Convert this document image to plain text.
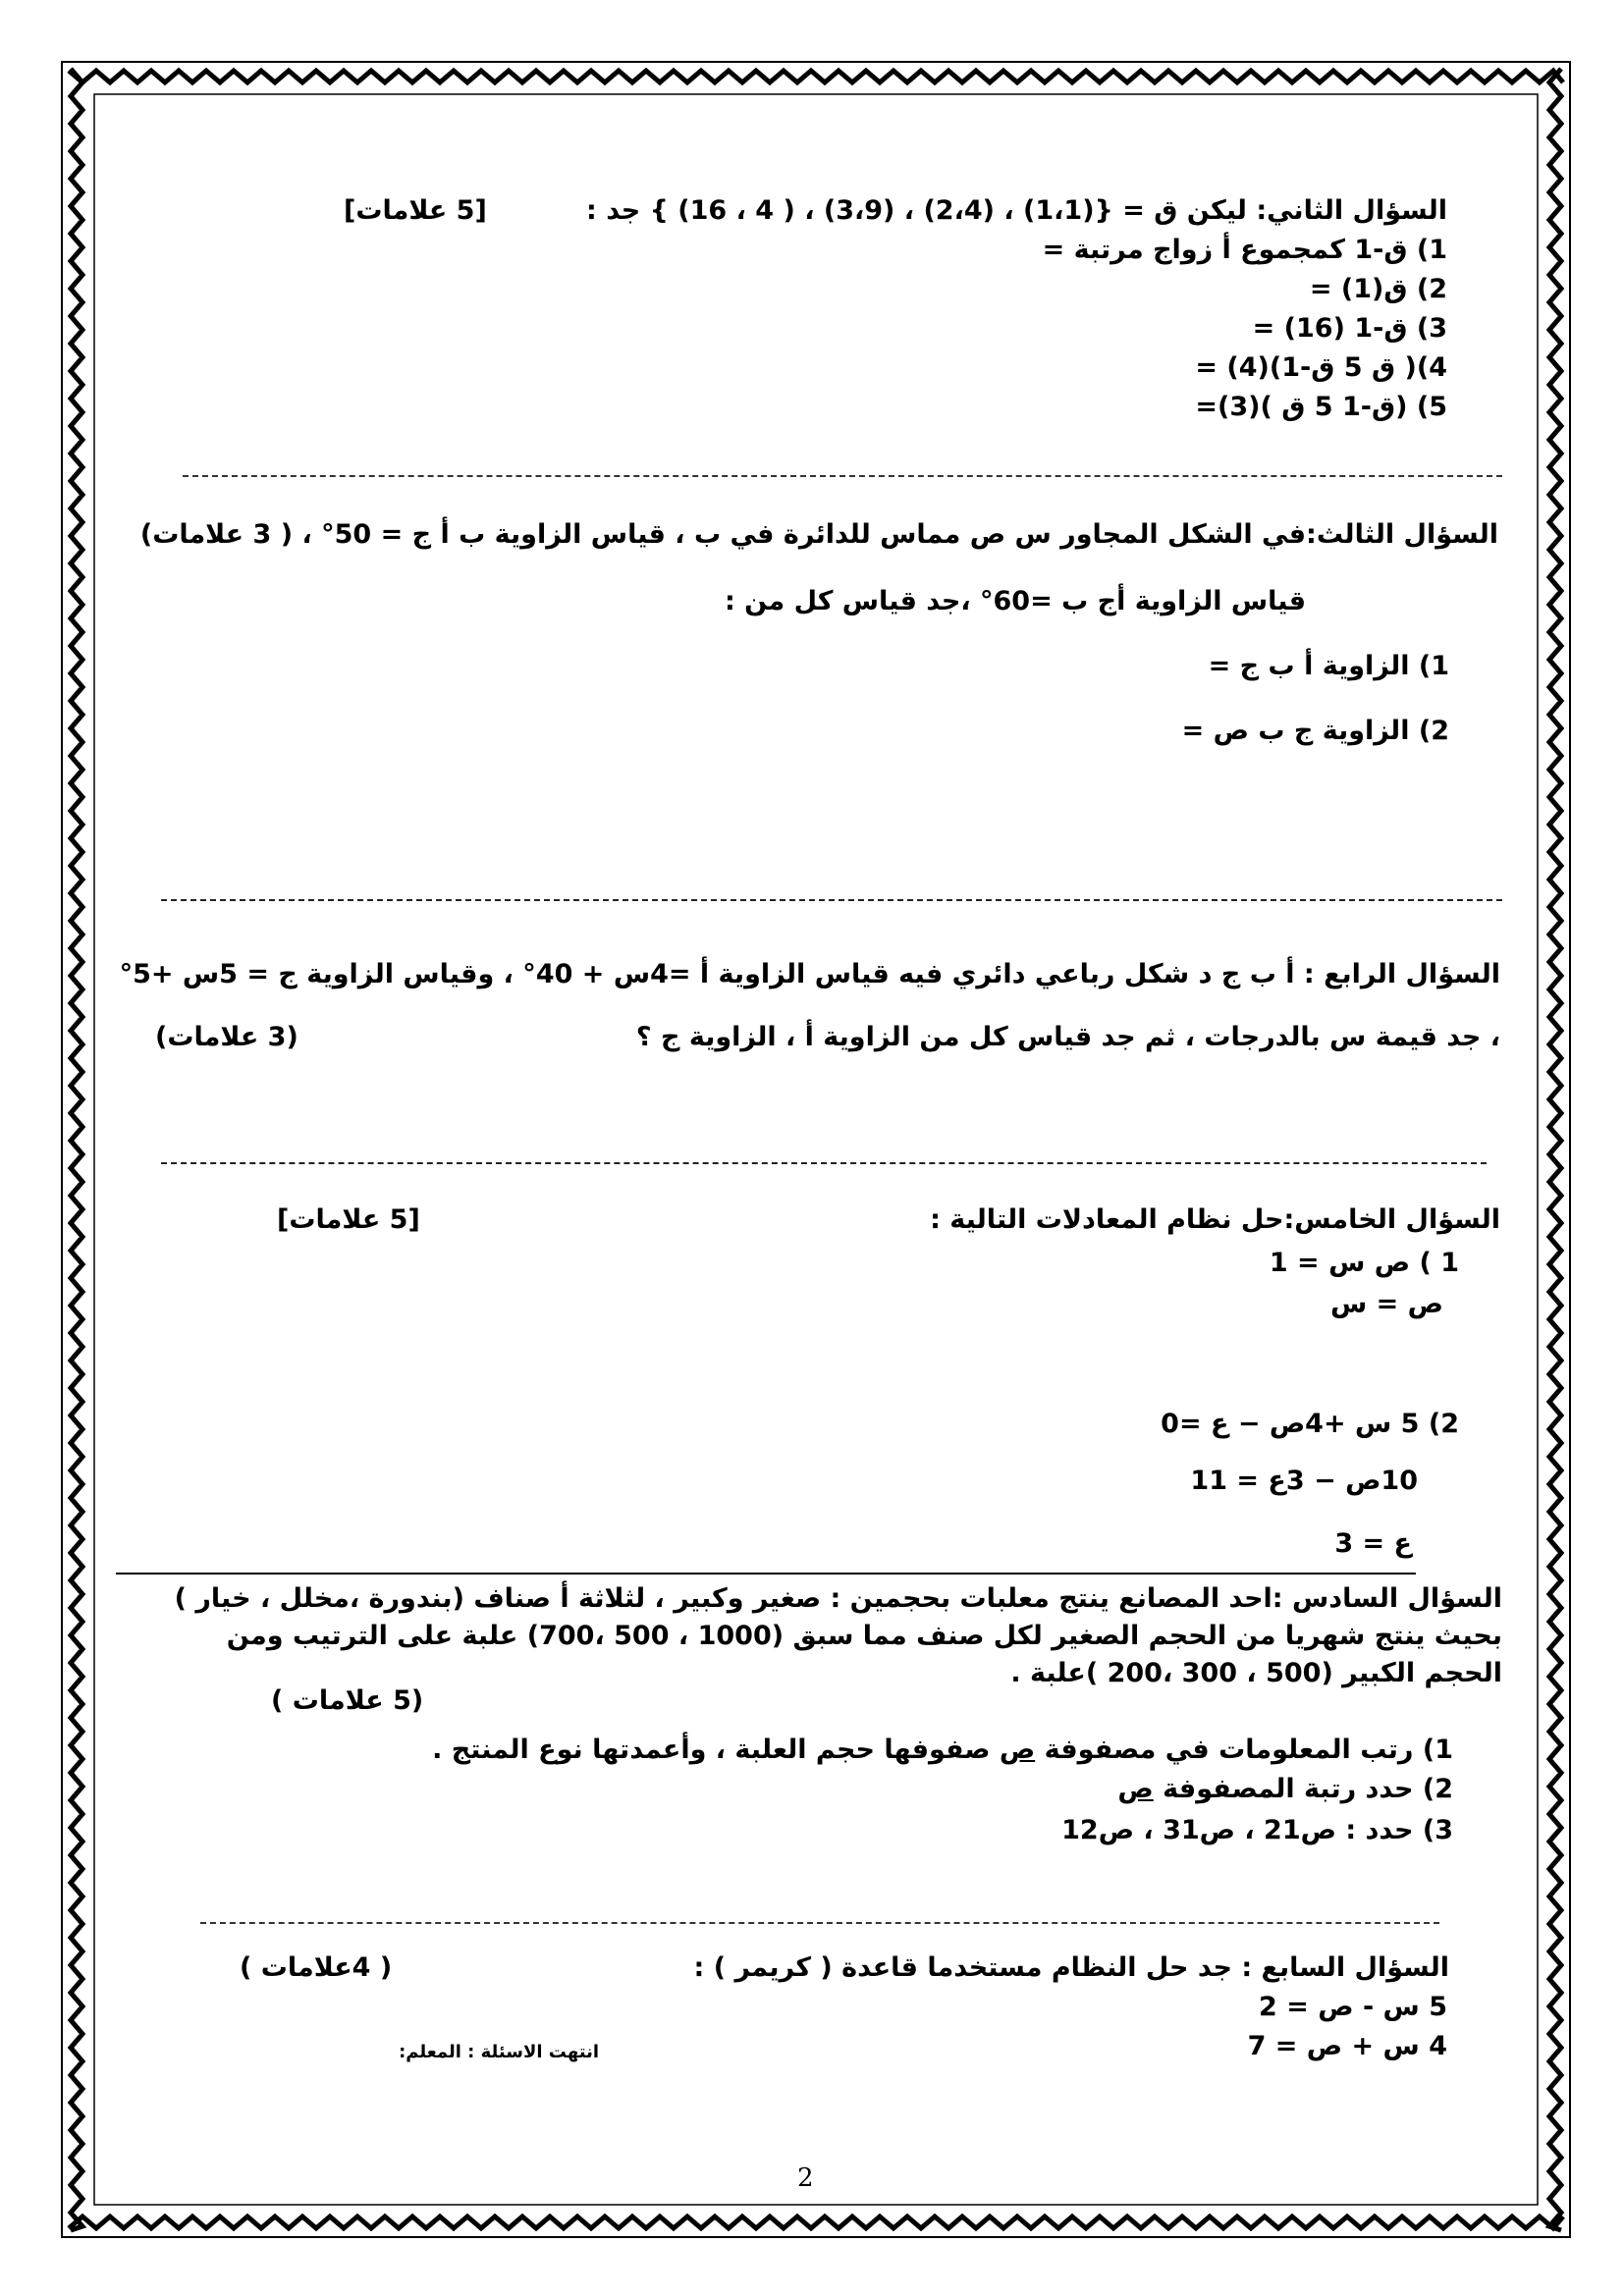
السؤال الثاني: ليكن ق = {(1،1) ، (2،4) ، (3،9) ، ( 4 ، 16) } جد :
[5 علامات]
1) ق-1 كمجموع أ زواج مرتبة =
2) ق(1) =
3) ق-1 (16) =
4)( ق 5 ق-1)(4) =
5) (ق-1 5 ق )(3)=
السؤال الثالث:في الشكل المجاور س ص مماس للدائرة في ب ، قياس الزاوية ب أ ج = 50° ، ( 3 علامات)
قياس الزاوية أج ب =60° ،جد قياس كل من :
1) الزاوية أ ب ج =
2) الزاوية ج ب ص =
السؤال الرابع : أ ب ج د شكل رباعي دائري فيه قياس الزاوية أ =4س + 40° ، وقياس الزاوية ج = 5س +5°
، جد قيمة س بالدرجات ، ثم جد قياس كل من الزاوية أ ، الزاوية ج ؟
(3 علامات)
السؤال الخامس:حل نظام المعادلات التالية :
[5 علامات]
1 ) ص س = 1
ص = س
2) 5 س +4ص − ع =0
10ص − 3ع = 11
ع = 3
السؤال السادس :احد المصانع ينتج معلبات بحجمين : صغير وكبير ، لثلاثة أ صناف (بندورة ،مخلل ، خيار )
بحيث ينتج شهريا من الحجم الصغير لكل صنف مما سبق (1000 ، 500 ،700) علبة على الترتيب ومن
الحجم الكبير (500 ، 300 ،200 )علبة .
(5 علامات )
1) رتب المعلومات في مصفوفة ص صفوفها حجم العلبة ، وأعمدتها نوع المنتج .
2) حدد رتبة المصفوفة ص
3) حدد : ص21 ، ص31 ، ص12
السؤال السابع : جد حل النظام مستخدما قاعدة ( كريمر ) :
( 4علامات )
5 س - ص = 2
4 س + ص = 7
انتهت الاسئلة : المعلم:
2
